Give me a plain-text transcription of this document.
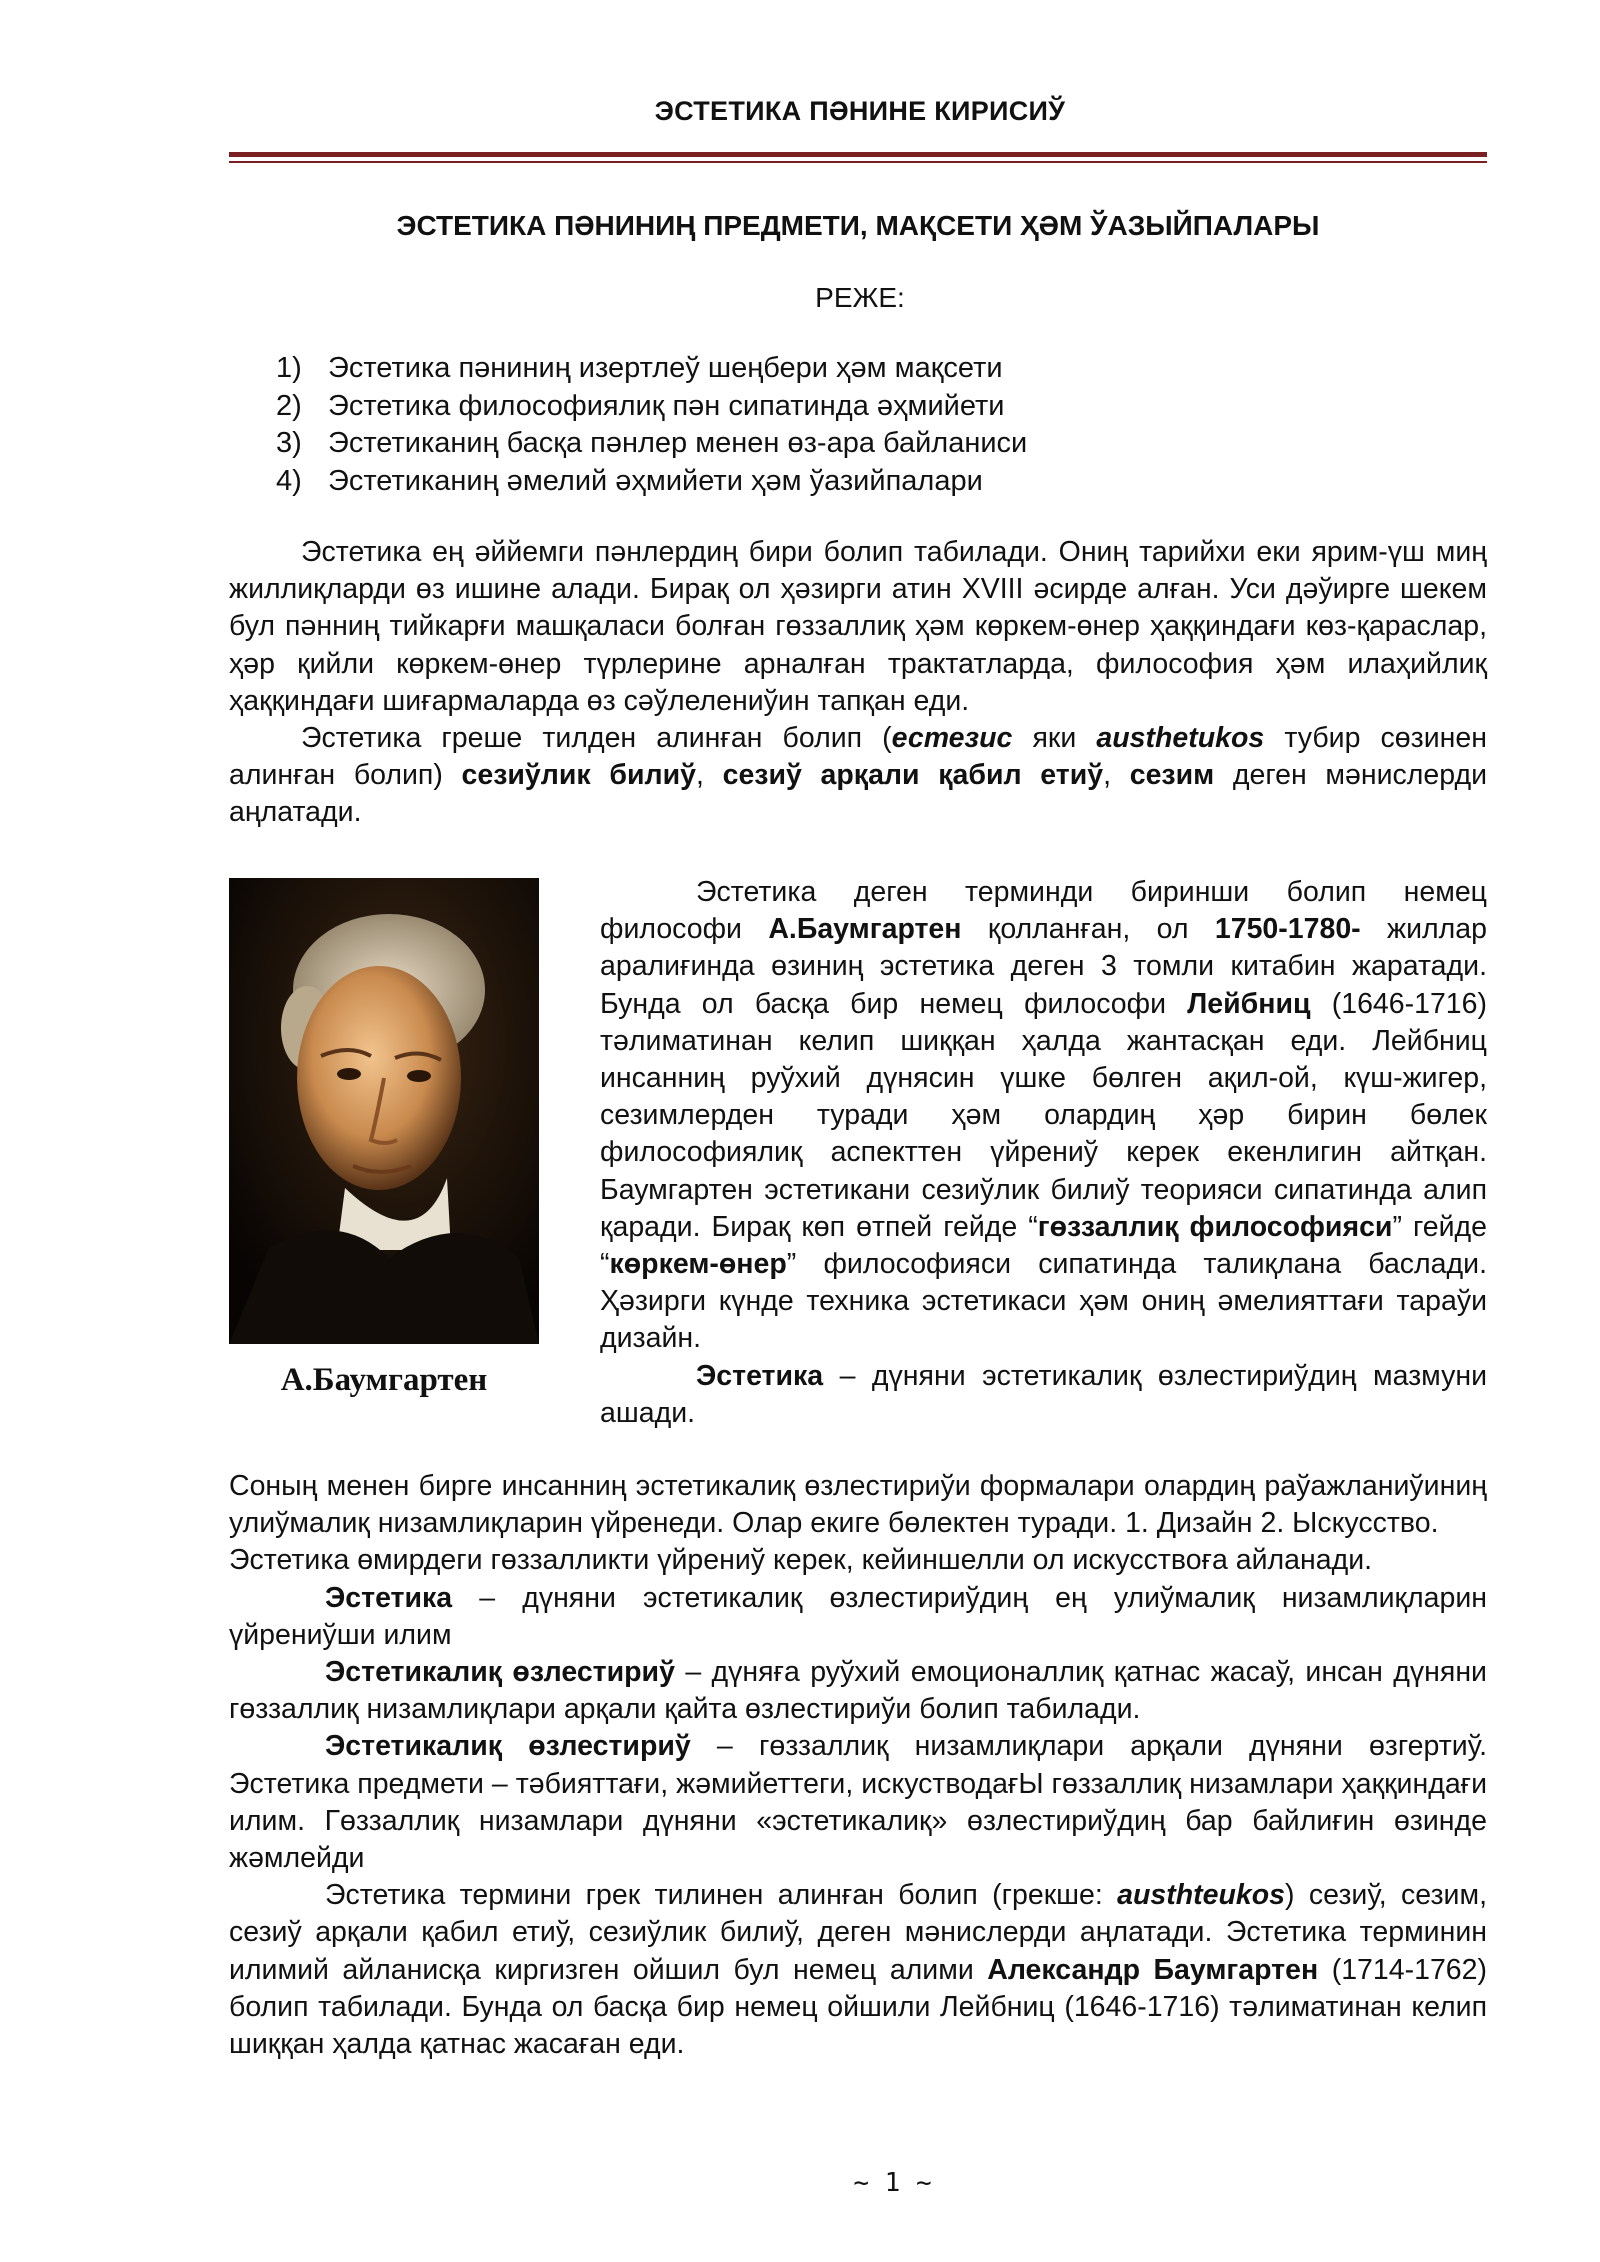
ЭСТЕТИКА ПӘНИНЕ КИРИСИЎ
ЭСТЕТИКА ПӘНИНИҢ ПРЕДМЕТИ, МАҚСЕТИ ҲӘМ ЎАЗЫЙПАЛАРЫ
РЕЖЕ:
1) Эстетика пәниниң изертлеў шеңбери ҳәм мақсети
2) Эстетика философиялиқ пән сипатинда әҳмийети
3) Эстетиканиң басқа пәнлер менен өз-ара байланиси
4) Эстетиканиң әмелий әҳмийети ҳәм ўазийпалари

Эстетика ең әййемги пәнлердиң бири болип табилади. Ониң тарийхи еки ярим-үш миң жиллиқларди өз ишине алади. Бирақ ол ҳәзирги атин XVIII әсирде алған. Уси дәўирге шекем бул пәнниң тийкарғи машқаласи болған гөззаллиқ ҳәм көркем-өнер ҳаққиндағи көз-қараслар, ҳәр қийли көркем-өнер түрлерине арналған трактатларда, философия ҳәм илаҳийлиқ ҳаққиндағи шиғармаларда өз сәўлелениўин тапқан еди.

Эстетика греше тилден алинған болип (естезис яки austhetukos тубир сөзинен алинған болип) сезиўлик билиў, сезиў арқали қабил етиў, сезим деген мәнислерди аңлатади.

А.Баумгартен

Эстетика деген терминди биринши болип немец философи А.Баумгартен қолланған, ол 1750-1780- жиллар аралиғинда өзиниң эстетика деген 3 томли китабин жаратади. Бунда ол басқа бир немец философи Лейбниц (1646-1716) тәлиматинан келип шиққан ҳалда жантасқан еди. Лейбниц инсанниң руўхий дүнясин үшке бөлген ақил-ой, күш-жигер, сезимлерден туради ҳәм олардиң ҳәр бирин бөлек философиялиқ аспекттен үйрениў керек екенлигин айтқан. Баумгартен эстетикани сезиўлик билиў теорияси сипатинда алип қаради. Бирақ көп өтпей гейде “гөззаллиқ философияси” гейде “көркем-өнер” философияси сипатинда талиқлана баслади. Ҳәзирги күнде техника эстетикаси ҳәм ониң әмелияттағи тараўи дизайн.

Эстетика – дүняни эстетикалиқ өзлестириўдиң мазмуни ашади.

Соның менен бирге инсанниң эстетикалиқ өзлестириўи формалари олардиң раўажланиўиниң улиўмалиқ низамлиқларин үйренеди. Олар екиге бөлектен туради. 1. Дизайн 2. Ыскусство.

Эстетика өмирдеги гөззалликти үйрениў керек, кейиншелли ол искусствоға айланади.

Эстетика – дүняни эстетикалиқ өзлестириўдиң ең улиўмалиқ низамлиқларин үйрениўши илим

Эстетикалиқ өзлестириў – дүняға руўхий емоционаллиқ қатнас жасаў, инсан дүняни гөззаллиқ низамлиқлари арқали қайта өзлестириўи болип табилади.

Эстетикалиқ өзлестириў – гөззаллиқ низамлиқлари арқали дүняни өзгертиў. Эстетика предмети – тәбияттағи, жәмийеттеги, искустводағЫ гөззаллиқ низамлари ҳаққиндағи илим. Гөззаллиқ низамлари дүняни «эстетикалиқ» өзлестириўдиң бар байлиғин өзинде жәмлейди

Эстетика термини грек тилинен алинған болип (грекше: austhteukos) сезиў, сезим, сезиў арқали қабил етиў, сезиўлик билиў, деген мәнислерди аңлатади. Эстетика терминин илимий айланисқа киргизген ойшил бул немец алими Александр Баумгартен (1714-1762) болип табилади. Бунда ол басқа бир немец ойшили Лейбниц (1646-1716) тәлиматинан келип шиққан ҳалда қатнас жасаған еди.

~ 1 ~
